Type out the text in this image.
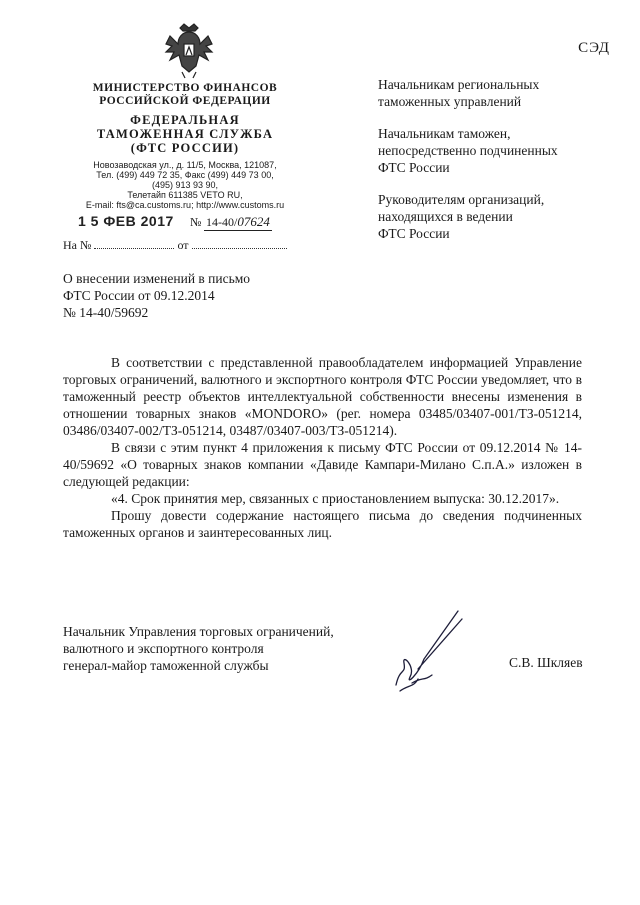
МИНИСТЕРСТВО ФИНАНСОВ
РОССИЙСКОЙ ФЕДЕРАЦИИ
ФЕДЕРАЛЬНАЯ
ТАМОЖЕННАЯ СЛУЖБА
(ФТС РОССИИ)
Новозаводская ул., д. 11/5, Москва, 121087,
Тел. (499) 449 72 35, Факс (499) 449 73 00,
(495) 913 93 90,
Телетайп 611385 VETO RU,
E-mail: fts@ca.customs.ru; http://www.customs.ru
1 5 ФЕВ 2017 № 14-40/07624
На №	от
О внесении изменений в письмо
ФТС России от 09.12.2014
№ 14-40/59692
СЭД
Начальникам региональных
таможенных управлений
Начальникам таможен,
непосредственно подчиненных
ФТС России
Руководителям организаций,
находящихся в ведении
ФТС России

В соответствии с представленной правообладателем информацией Управление торговых ограничений, валютного и экспортного контроля ФТС России уведомляет, что в таможенный реестр объектов интеллектуальной собственности внесены изменения в отношении товарных знаков «MONDORO» (рег. номера 03485/03407-001/ТЗ-051214, 03486/03407-002/ТЗ-051214, 03487/03407-003/ТЗ-051214).

В связи с этим пункт 4 приложения к письму ФТС России от 09.12.2014 № 14-40/59692 «О товарных знаков компании «Давиде Кампари-Милано С.п.А.» изложен в следующей редакции:

«4. Срок принятия мер, связанных с приостановлением выпуска: 30.12.2017».

Прошу довести содержание настоящего письма до сведения подчиненных таможенных органов и заинтересованных лиц.

Начальник Управления торговых ограничений,
валютного и экспортного контроля
генерал-майор таможенной службы	С.В. Шкляев
